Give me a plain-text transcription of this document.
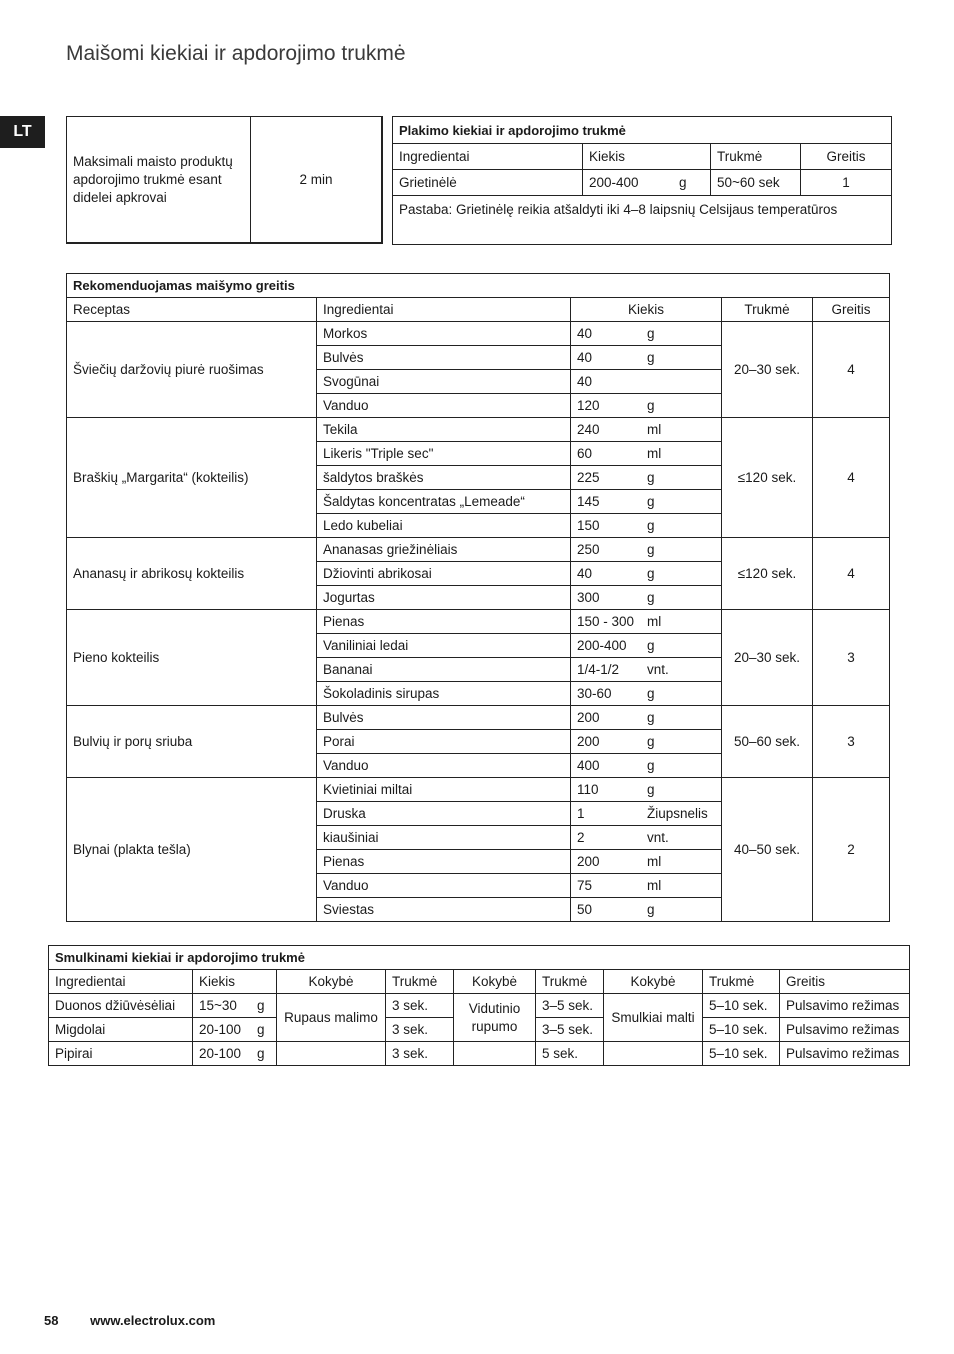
Maišomi kiekiai ir apdorojimo trukmė
LT
Maksimali maisto produktų apdorojimo trukmė esant didelei apkrovai	2 min
Plakimo kiekiai ir apdorojimo trukmė			
Ingredientai	Kiekis	Trukmė	Greitis
Grietinėlė	200-400 g	50~60 sek	1
Pastaba: Grietinėlę reikia atšaldyti iki 4–8 laipsnių Celsijaus temperatūros			
Rekomenduojamas maišymo greitis				
Receptas	Ingredientai	Kiekis	Trukmė	Greitis
Šviečių daržovių piurė ruošimas	Morkos	40 g	20–30 sek.	4
	Bulvės	40 g		
	Svogūnai	40		
	Vanduo	120 g		
Braškių „Margarita“ (kokteilis)	Tekila	240 ml	≤120 sek.	4
	Likeris "Triple sec"	60 ml		
	šaldytos braškės	225 g		
	Šaldytas koncentratas „Lemeade“	145 g		
	Ledo kubeliai	150 g		
Ananasų ir abrikosų kokteilis	Ananasas griežinėliais	250 g	≤120 sek.	4
	Džiovinti abrikosai	40 g		
	Jogurtas	300 g		
Pieno kokteilis	Pienas	150 - 300 ml	20–30 sek.	3
	Vaniliniai ledai	200-400 g		
	Bananai	1/4-1/2 vnt.		
	Šokoladinis sirupas	30-60 g		
Bulvių ir porų sriuba	Bulvės	200 g	50–60 sek.	3
	Porai	200 g		
	Vanduo	400 g		
Blynai (plakta tešla)	Kvietiniai miltai	110 g	40–50 sek.	2
	Druska	1 Žiupsnelis		
	kiaušiniai	2 vnt.		
	Pienas	200 ml		
	Vanduo	75 ml		
	Sviestas	50 g		
Smulkinami kiekiai ir apdorojimo trukmė								
Ingredientai	Kiekis	Kokybė	Trukmė	Kokybė	Trukmė	Kokybė	Trukmė	Greitis
Duonos džiūvėsėliai	15~30 g	Rupaus malimo	3 sek.	Vidutinio rupumo	3–5 sek.	Smulkiai malti	5–10 sek.	Pulsavimo režimas
Migdolai	20-100 g		3 sek.		3–5 sek.		5–10 sek.	Pulsavimo režimas
Pipirai	20-100 g		3 sek.		5 sek.		5–10 sek.	Pulsavimo režimas
58 www.electrolux.com
